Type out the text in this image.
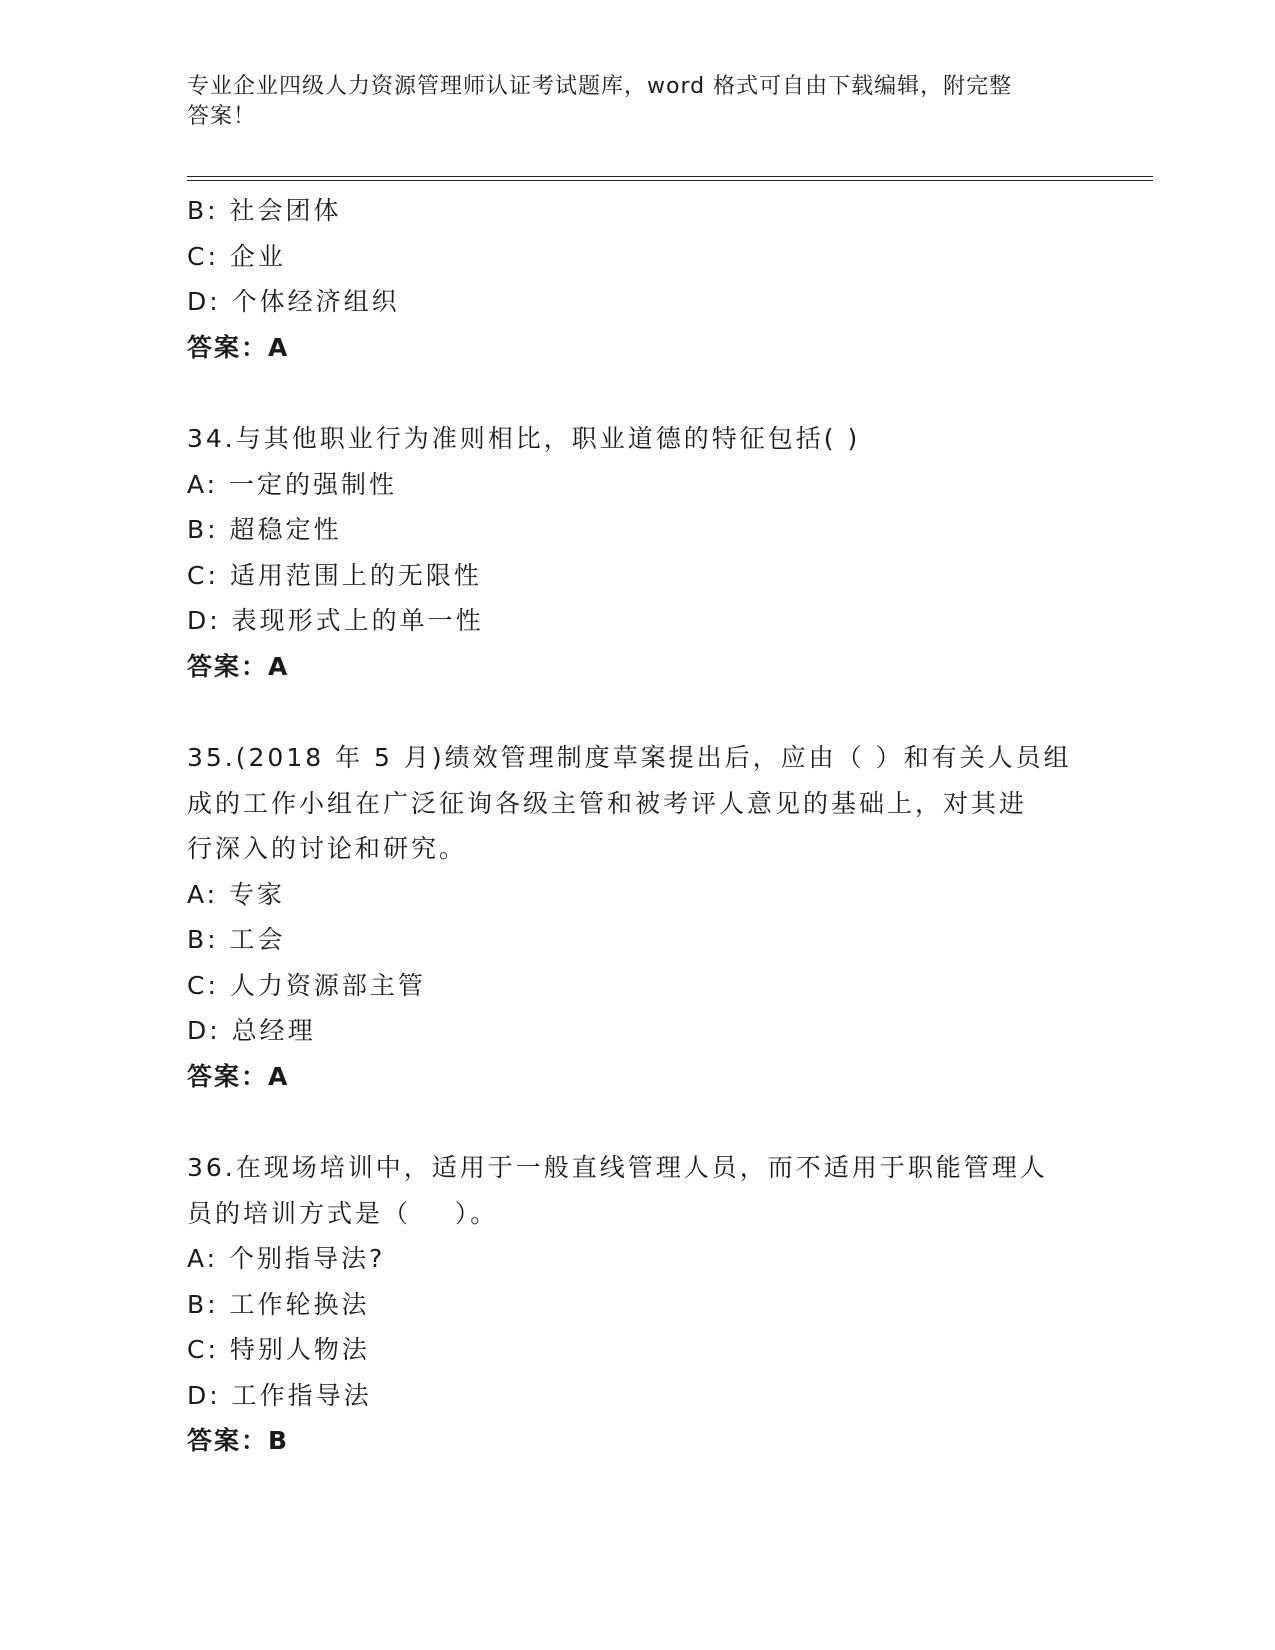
专业企业四级人力资源管理师认证考试题库，word 格式可自由下载编辑，附完整
答案！
B: 社会团体
C: 企业
D: 个体经济组织
答案：A
34.与其他职业行为准则相比，职业道德的特征包括( )
A: 一定的强制性
B: 超稳定性
C: 适用范围上的无限性
D: 表现形式上的单一性
答案：A
35.(2018 年 5 月)绩效管理制度草案提出后，应由（ ）和有关人员组
成的工作小组在广泛征询各级主管和被考评人意见的基础上，对其进
行深入的讨论和研究。
A: 专家
B: 工会
C: 人力资源部主管
D: 总经理
答案：A
36.在现场培训中，适用于一般直线管理人员，而不适用于职能管理人
员的培训方式是（    ）。
A: 个别指导法?
B: 工作轮换法
C: 特别人物法
D: 工作指导法
答案：B
